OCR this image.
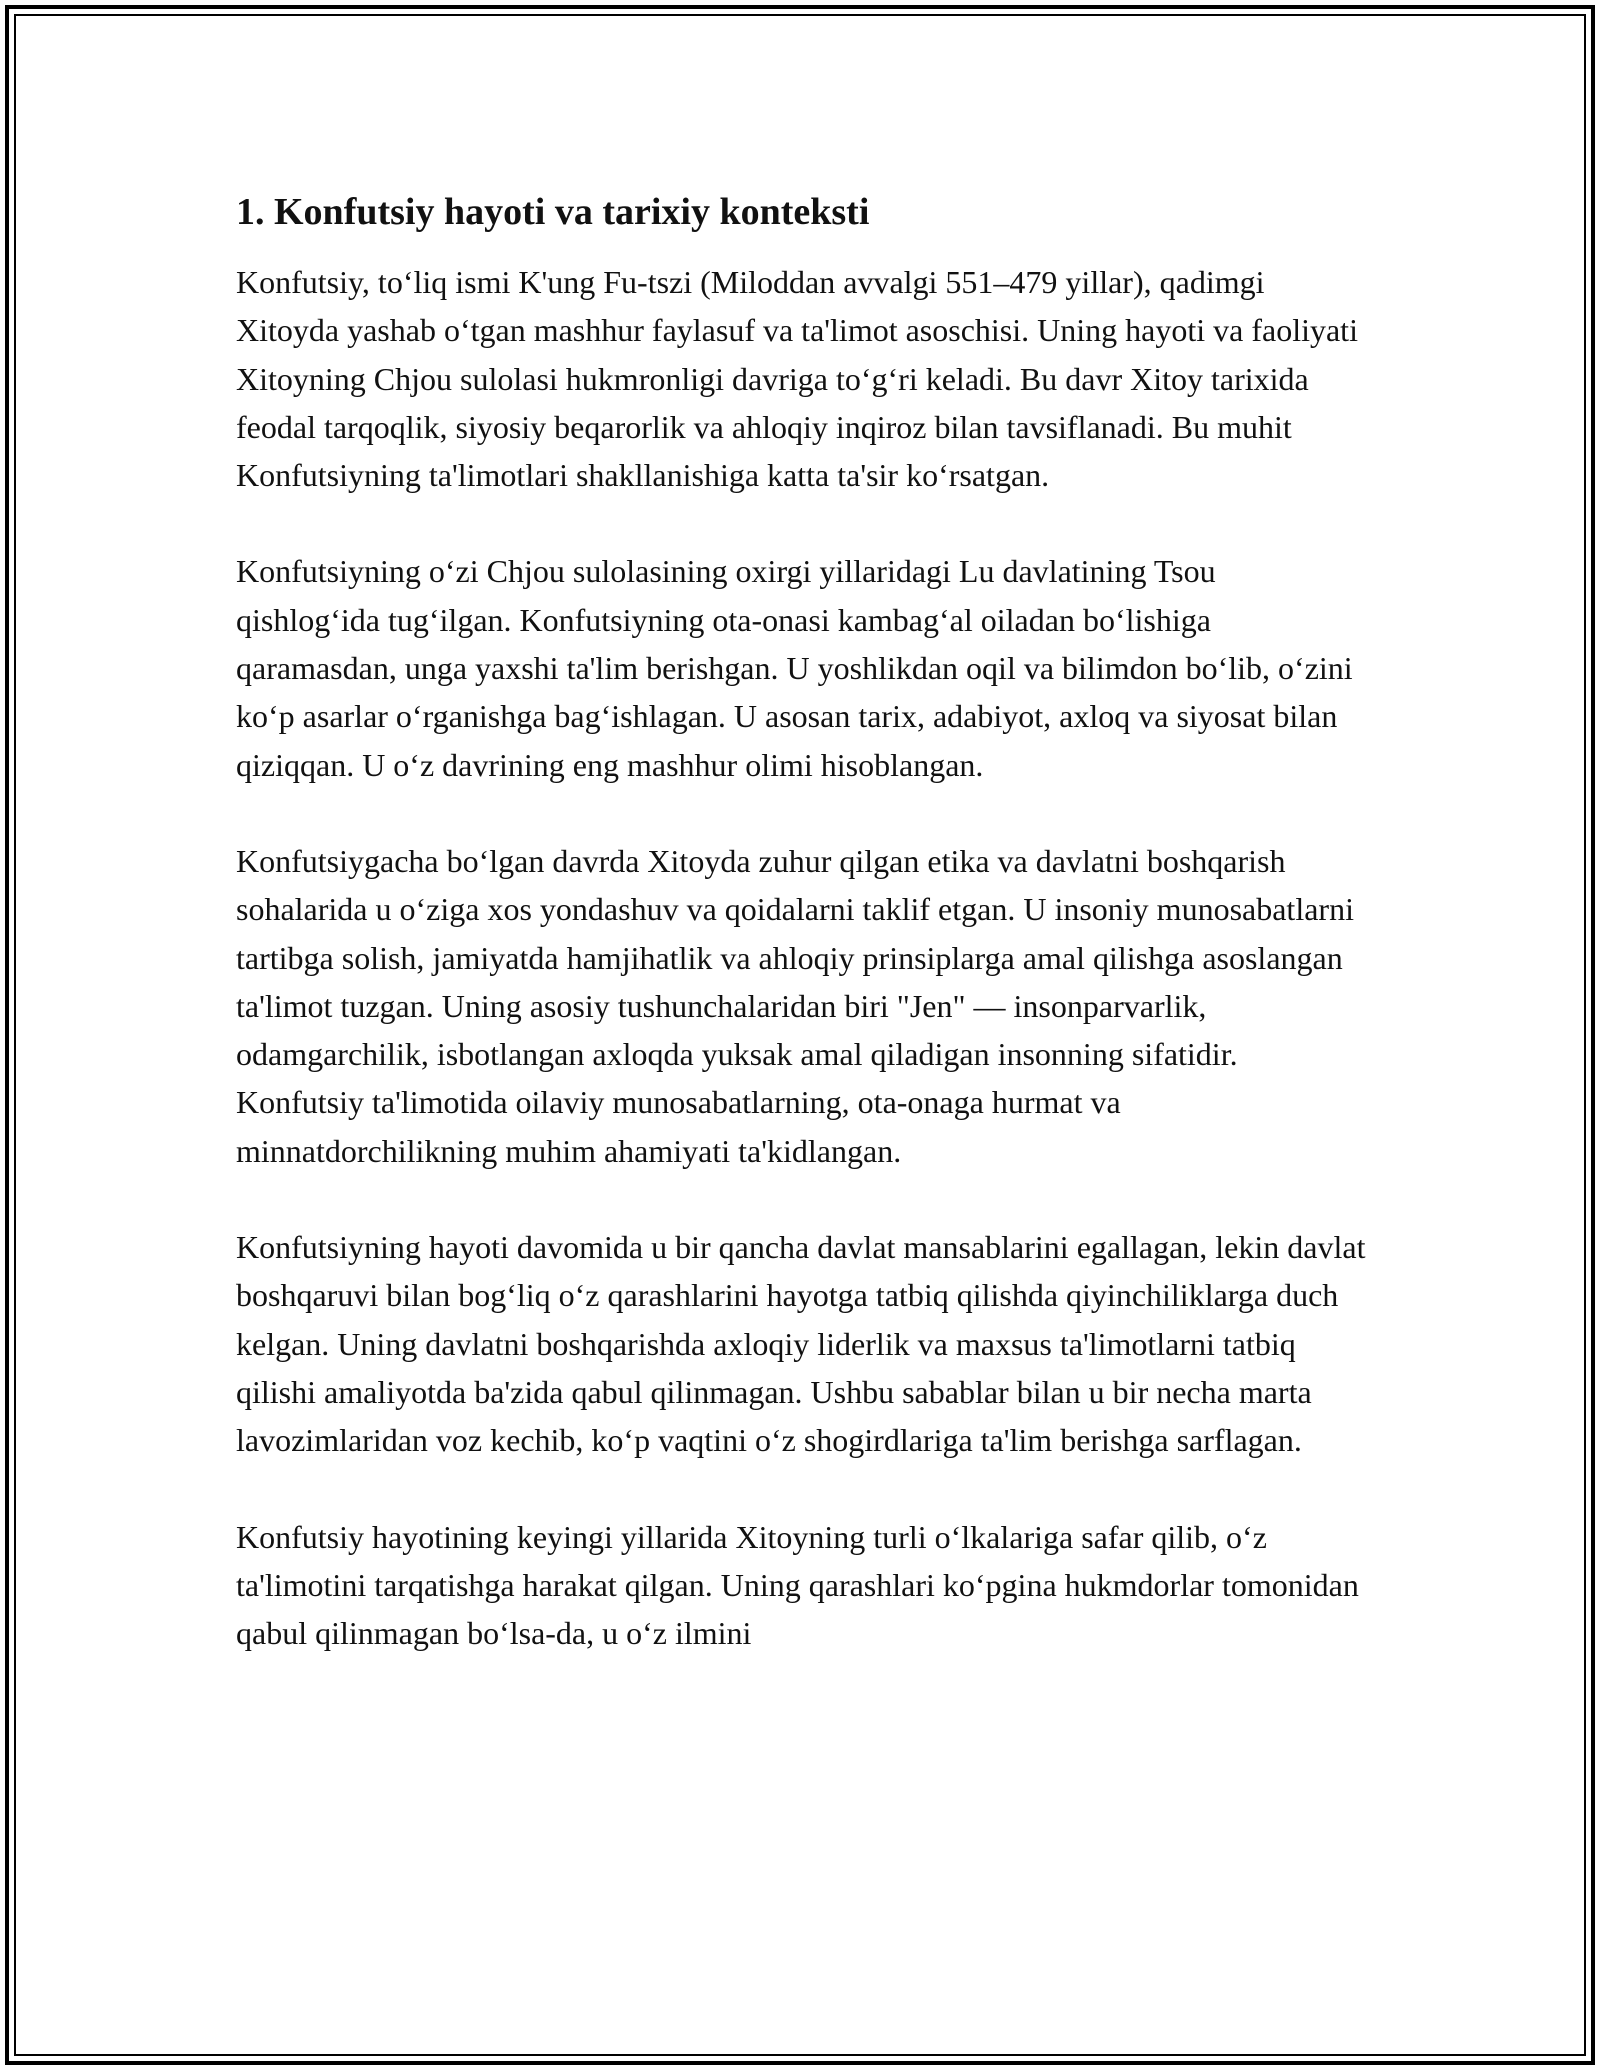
1. Konfutsiy hayoti va tarixiy konteksti

Konfutsiy, to‘liq ismi K'ung Fu-tszi (Miloddan avvalgi 551–479 yillar), qadimgi Xitoyda yashab o‘tgan mashhur faylasuf va ta'limot asoschisi. Uning hayoti va faoliyati Xitoyning Chjou sulolasi hukmronligi davriga to‘g‘ri keladi. Bu davr Xitoy tarixida feodal tarqoqlik, siyosiy beqarorlik va ahloqiy inqiroz bilan tavsiflanadi. Bu muhit Konfutsiyning ta'limotlari shakllanishiga katta ta'sir ko‘rsatgan.

Konfutsiyning o‘zi Chjou sulolasining oxirgi yillaridagi Lu davlatining Tsou qishlog‘ida tug‘ilgan. Konfutsiyning ota-onasi kambag‘al oiladan bo‘lishiga qaramasdan, unga yaxshi ta'lim berishgan. U yoshlikdan oqil va bilimdon bo‘lib, o‘zini ko‘p asarlar o‘rganishga bag‘ishlagan. U asosan tarix, adabiyot, axloq va siyosat bilan qiziqqan. U o‘z davrining eng mashhur olimi hisoblangan.

Konfutsiygacha bo‘lgan davrda Xitoyda zuhur qilgan etika va davlatni boshqarish sohalarida u o‘ziga xos yondashuv va qoidalarni taklif etgan. U insoniy munosabatlarni tartibga solish, jamiyatda hamjihatlik va ahloqiy prinsiplarga amal qilishga asoslangan ta'limot tuzgan. Uning asosiy tushunchalaridan biri "Jen" — insonparvarlik, odamgarchilik, isbotlangan axloqda yuksak amal qiladigan insonning sifatidir. Konfutsiy ta'limotida oilaviy munosabatlarning, ota-onaga hurmat va minnatdorchilikning muhim ahamiyati ta'kidlangan.

Konfutsiyning hayoti davomida u bir qancha davlat mansablarini egallagan, lekin davlat boshqaruvi bilan bog‘liq o‘z qarashlarini hayotga tatbiq qilishda qiyinchiliklarga duch kelgan. Uning davlatni boshqarishda axloqiy liderlik va maxsus ta'limotlarni tatbiq qilishi amaliyotda ba'zida qabul qilinmagan. Ushbu sabablar bilan u bir necha marta lavozimlaridan voz kechib, ko‘p vaqtini o‘z shogirdlariga ta'lim berishga sarflagan.

Konfutsiy hayotining keyingi yillarida Xitoyning turli o‘lkalariga safar qilib, o‘z ta'limotini tarqatishga harakat qilgan. Uning qarashlari ko‘pgina hukmdorlar tomonidan qabul qilinmagan bo‘lsa-da, u o‘z ilmini
